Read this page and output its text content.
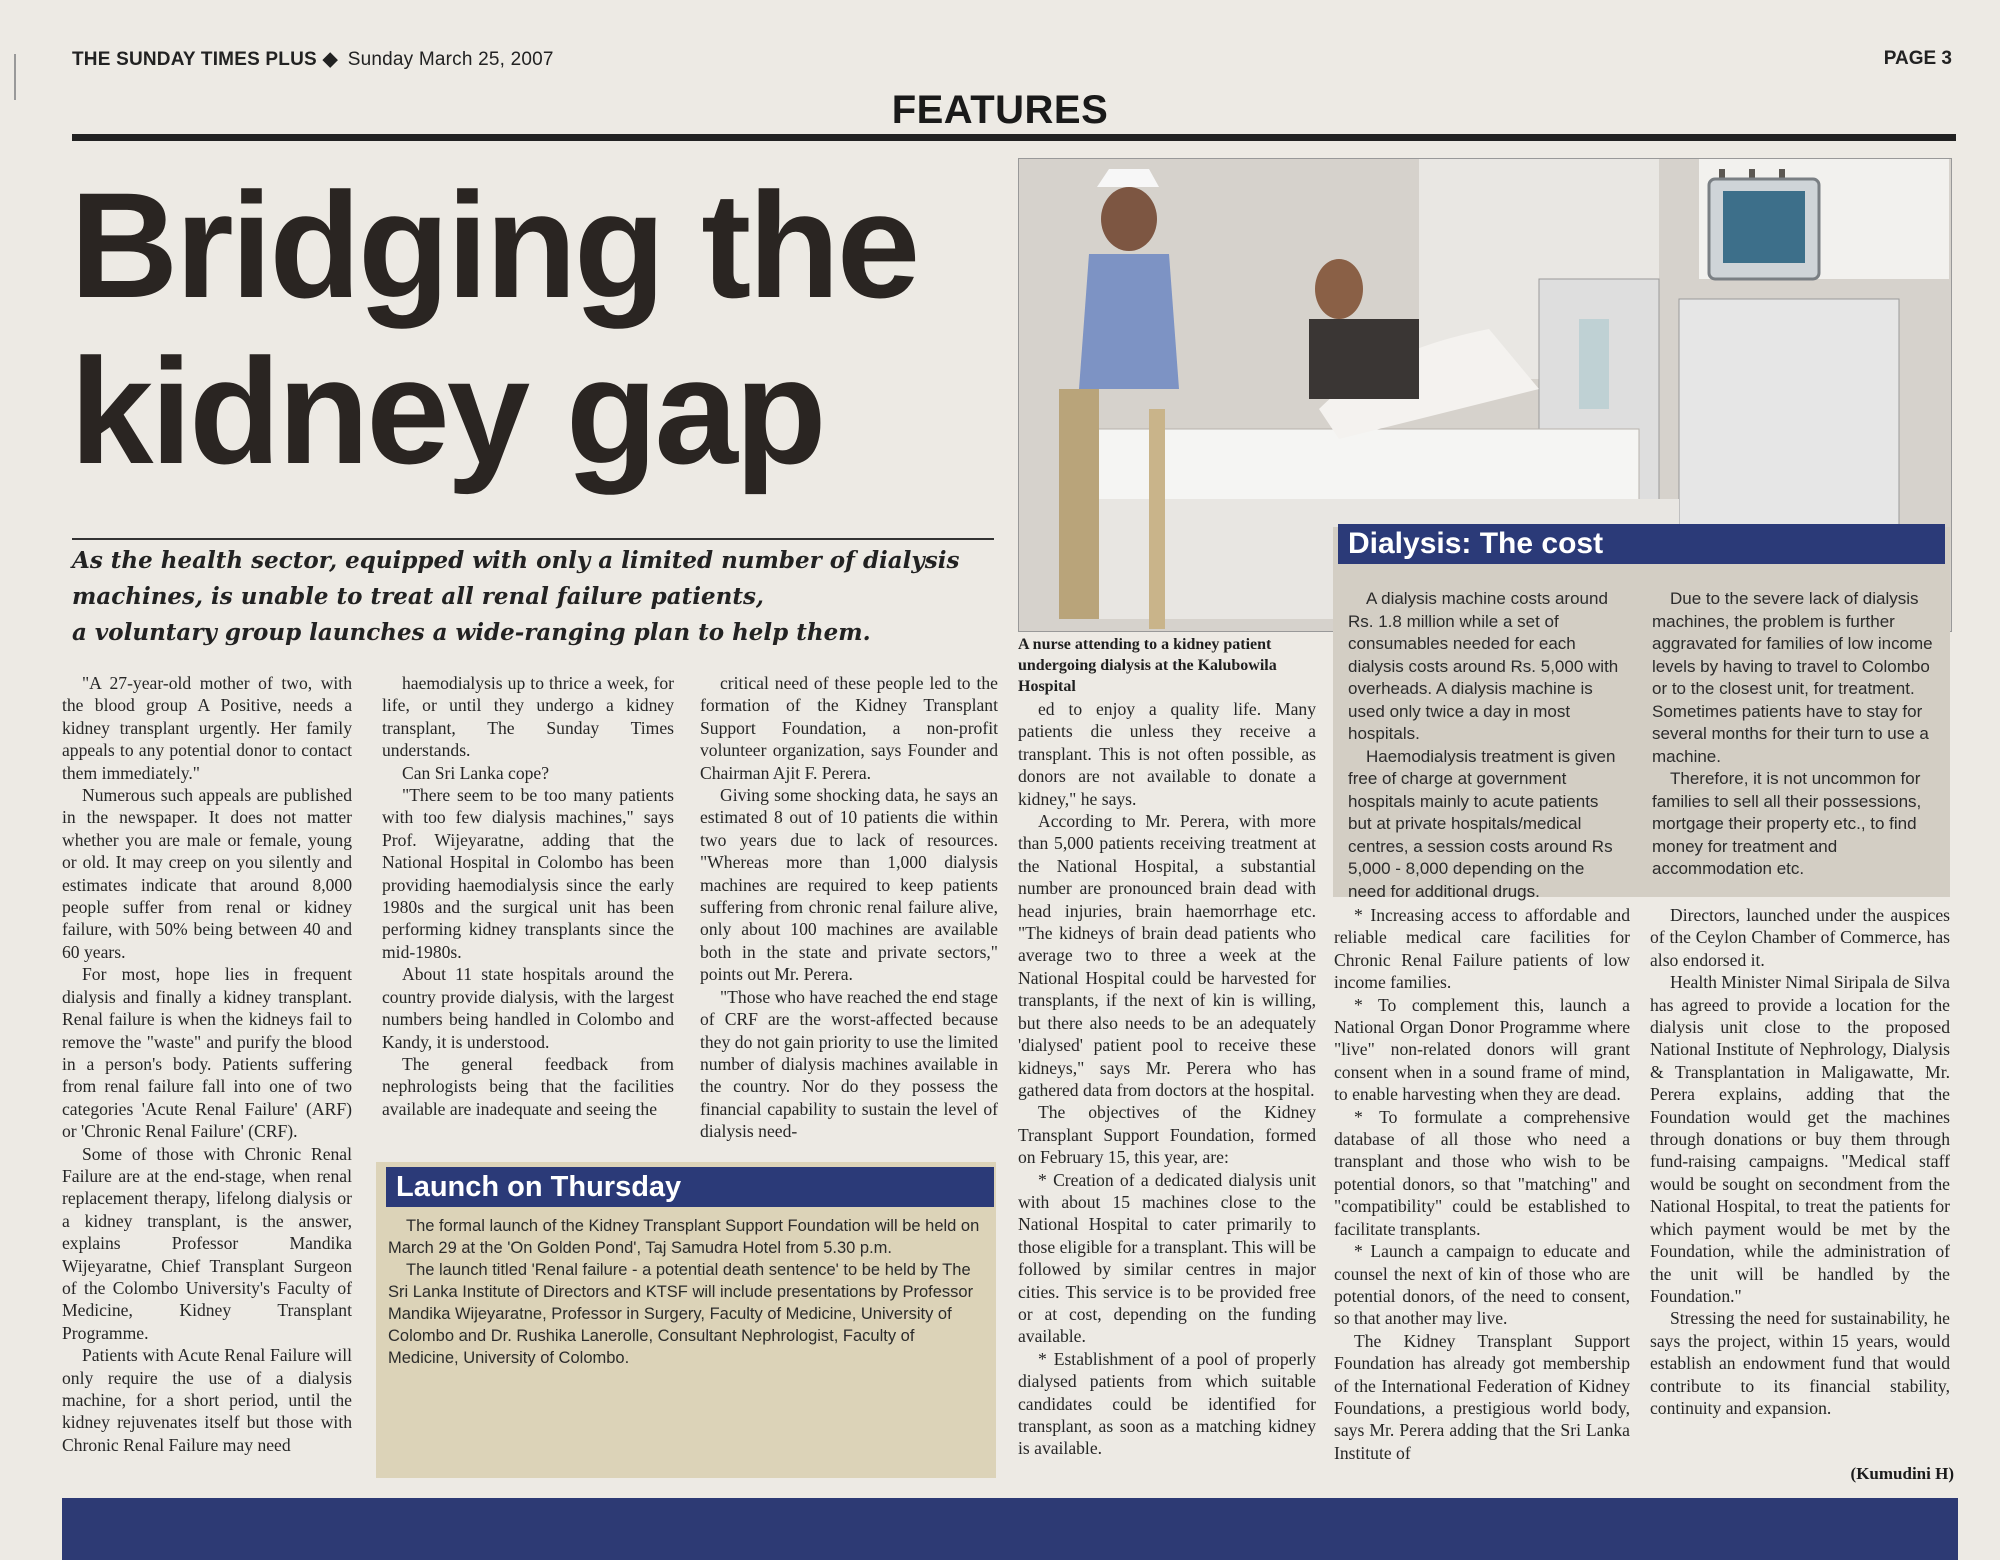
THE SUNDAY TIMES PLUS ◆ Sunday March 25, 2007	PAGE 3
FEATURES
Bridging the
kidney gap
As the health sector, equipped with only a limited number of dialysis
machines, is unable to treat all renal failure patients,
a voluntary group launches a wide-ranging plan to help them.	A nurse attending to a kidney patient undergoing dialysis at the Kalubowila Hospital
Dialysis: The cost

A dialysis machine costs around Rs. 1.8 million while a set of consumables needed for each dialysis costs around Rs. 5,000 with overheads. A dialysis machine is used only twice a day in most hospitals.

Haemodialysis treatment is given free of charge at government hospitals mainly to acute patients but at private hospitals/medical centres, a session costs around Rs 5,000 - 8,000 depending on the need for additional drugs.

Due to the severe lack of dialysis machines, the problem is further aggravated for families of low income levels by having to travel to Colombo or to the closest unit, for treatment. Sometimes patients have to stay for several months for their turn to use a machine.

Therefore, it is not uncommon for families to sell all their possessions, mortgage their property etc., to find money for treatment and accommodation etc.

"A 27-year-old mother of two, with the blood group A Positive, needs a kidney transplant urgently. Her family appeals to any potential donor to contact them immediately."

Numerous such appeals are published in the newspaper. It does not matter whether you are male or female, young or old. It may creep on you silently and estimates indicate that around 8,000 people suffer from renal or kidney failure, with 50% being between 40 and 60 years.

For most, hope lies in frequent dialysis and finally a kidney transplant. Renal failure is when the kidneys fail to remove the "waste" and purify the blood in a person's body. Patients suffering from renal failure fall into one of two categories 'Acute Renal Failure' (ARF) or 'Chronic Renal Failure' (CRF).

Some of those with Chronic Renal Failure are at the end-stage, when renal replacement therapy, lifelong dialysis or a kidney transplant, is the answer, explains Professor Mandika Wijeyaratne, Chief Transplant Surgeon of the Colombo University's Faculty of Medicine, Kidney Transplant Programme.

Patients with Acute Renal Failure will only require the use of a dialysis machine, for a short period, until the kidney rejuvenates itself but those with Chronic Renal Failure may need

haemodialysis up to thrice a week, for life, or until they undergo a kidney transplant, The Sunday Times understands.

Can Sri Lanka cope?

"There seem to be too many patients with too few dialysis machines," says Prof. Wijeyaratne, adding that the National Hospital in Colombo has been providing haemodialysis since the early 1980s and the surgical unit has been performing kidney transplants since the mid-1980s.

About 11 state hospitals around the country provide dialysis, with the largest numbers being handled in Colombo and Kandy, it is understood.

The general feedback from nephrologists being that the facilities available are inadequate and seeing the

critical need of these people led to the formation of the Kidney Transplant Support Foundation, a non-profit volunteer organization, says Founder and Chairman Ajit F. Perera.

Giving some shocking data, he says an estimated 8 out of 10 patients die within two years due to lack of resources. "Whereas more than 1,000 dialysis machines are required to keep patients suffering from chronic renal failure alive, only about 100 machines are available both in the state and private sectors," points out Mr. Perera.

"Those who have reached the end stage of CRF are the worst-affected because they do not gain priority to use the limited number of dialysis machines available in the country. Nor do they possess the financial capability to sustain the level of dialysis need-

ed to enjoy a quality life. Many patients die unless they receive a transplant. This is not often possible, as donors are not available to donate a kidney," he says.

According to Mr. Perera, with more than 5,000 patients receiving treatment at the National Hospital, a substantial number are pronounced brain dead with head injuries, brain haemorrhage etc. "The kidneys of brain dead patients who average two to three a week at the National Hospital could be harvested for transplants, if the next of kin is willing, but there also needs to be an adequately 'dialysed' patient pool to receive these kidneys," says Mr. Perera who has gathered data from doctors at the hospital.

The objectives of the Kidney Transplant Support Foundation, formed on February 15, this year, are:

* Creation of a dedicated dialysis unit with about 15 machines close to the National Hospital to cater primarily to those eligible for a transplant. This will be followed by similar centres in major cities. This service is to be provided free or at cost, depending on the funding available.

* Establishment of a pool of properly dialysed patients from which suitable candidates could be identified for transplant, as soon as a matching kidney is available.

* Increasing access to affordable and reliable medical care facilities for Chronic Renal Failure patients of low income families.

* To complement this, launch a National Organ Donor Programme where "live" non-related donors will grant consent when in a sound frame of mind, to enable harvesting when they are dead.

* To formulate a comprehensive database of all those who need a transplant and those who wish to be potential donors, so that "matching" and "compatibility" could be established to facilitate transplants.

* Launch a campaign to educate and counsel the next of kin of those who are potential donors, of the need to consent, so that another may live.

The Kidney Transplant Support Foundation has already got membership of the International Federation of Kidney Foundations, a prestigious world body, says Mr. Perera adding that the Sri Lanka Institute of

Directors, launched under the auspices of the Ceylon Chamber of Commerce, has also endorsed it.

Health Minister Nimal Siripala de Silva has agreed to provide a location for the dialysis unit close to the proposed National Institute of Nephrology, Dialysis & Transplantation in Maligawatte, Mr. Perera explains, adding that the Foundation would get the machines through donations or buy them through fund-raising campaigns. "Medical staff would be sought on secondment from the National Hospital, to treat the patients for which payment would be met by the Foundation, while the administration of the unit will be handled by the Foundation."

Stressing the need for sustainability, he says the project, within 15 years, would establish an endowment fund that would contribute to its financial stability, continuity and expansion.

(Kumudini H)
Launch on Thursday

The formal launch of the Kidney Transplant Support Foundation will be held on March 29 at the 'On Golden Pond', Taj Samudra Hotel from 5.30 p.m.

The launch titled 'Renal failure - a potential death sentence' to be held by The Sri Lanka Institute of Directors and KTSF will include presentations by Professor Mandika Wijeyaratne, Professor in Surgery, Faculty of Medicine, University of Colombo and Dr. Rushika Lanerolle, Consultant Nephrologist, Faculty of Medicine, University of Colombo.
